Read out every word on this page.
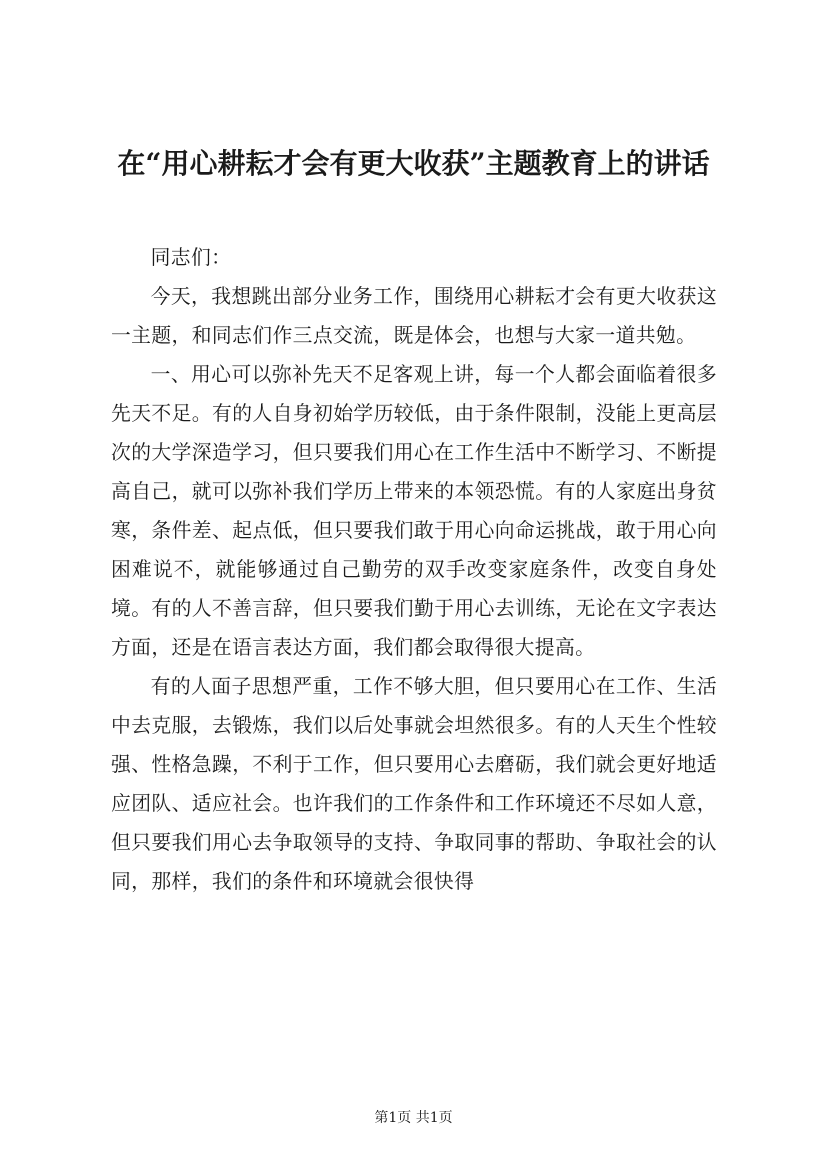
在“用心耕耘才会有更大收获”主题教育上的讲话

同志们：

今天，我想跳出部分业务工作，围绕用心耕耘才会有更大收获这一主题，和同志们作三点交流，既是体会，也想与大家一道共勉。

一、用心可以弥补先天不足客观上讲，每一个人都会面临着很多先天不足。有的人自身初始学历较低，由于条件限制，没能上更高层次的大学深造学习，但只要我们用心在工作生活中不断学习、不断提高自己，就可以弥补我们学历上带来的本领恐慌。有的人家庭出身贫寒，条件差、起点低，但只要我们敢于用心向命运挑战，敢于用心向困难说不，就能够通过自己勤劳的双手改变家庭条件，改变自身处境。有的人不善言辞，但只要我们勤于用心去训练，无论在文字表达方面，还是在语言表达方面，我们都会取得很大提高。

有的人面子思想严重，工作不够大胆，但只要用心在工作、生活中去克服，去锻炼，我们以后处事就会坦然很多。有的人天生个性较强、性格急躁，不利于工作，但只要用心去磨砺，我们就会更好地适应团队、适应社会。也许我们的工作条件和工作环境还不尽如人意，但只要我们用心去争取领导的支持、争取同事的帮助、争取社会的认同，那样，我们的条件和环境就会很快得

第1页 共1页
